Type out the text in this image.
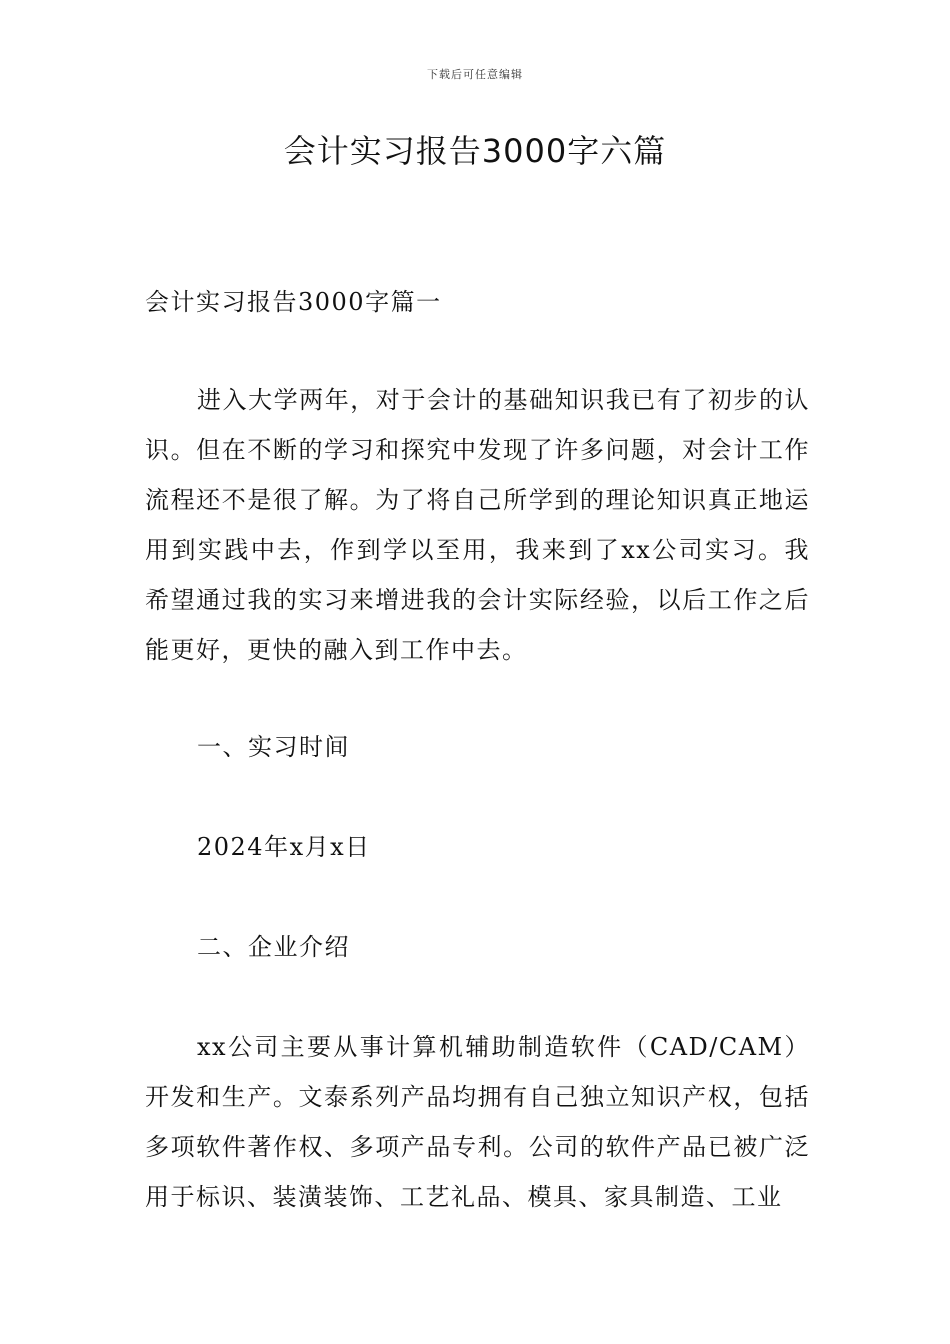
下载后可任意编辑
会计实习报告3000字六篇

会计实习报告3000字篇一

进入大学两年，对于会计的基础知识我已有了初步的认识。但在不断的学习和探究中发现了许多问题，对会计工作流程还不是很了解。为了将自己所学到的理论知识真正地运用到实践中去，作到学以至用，我来到了xx公司实习。我希望通过我的实习来增进我的会计实际经验，以后工作之后能更好，更快的融入到工作中去。

一、实习时间

2024年x月x日

二、企业介绍

xx公司主要从事计算机辅助制造软件（CAD/CAM）开发和生产。文泰系列产品均拥有自己独立知识产权，包括多项软件著作权、多项产品专利。公司的软件产品已被广泛用于标识、装潢装饰、工艺礼品、模具、家具制造、工业
